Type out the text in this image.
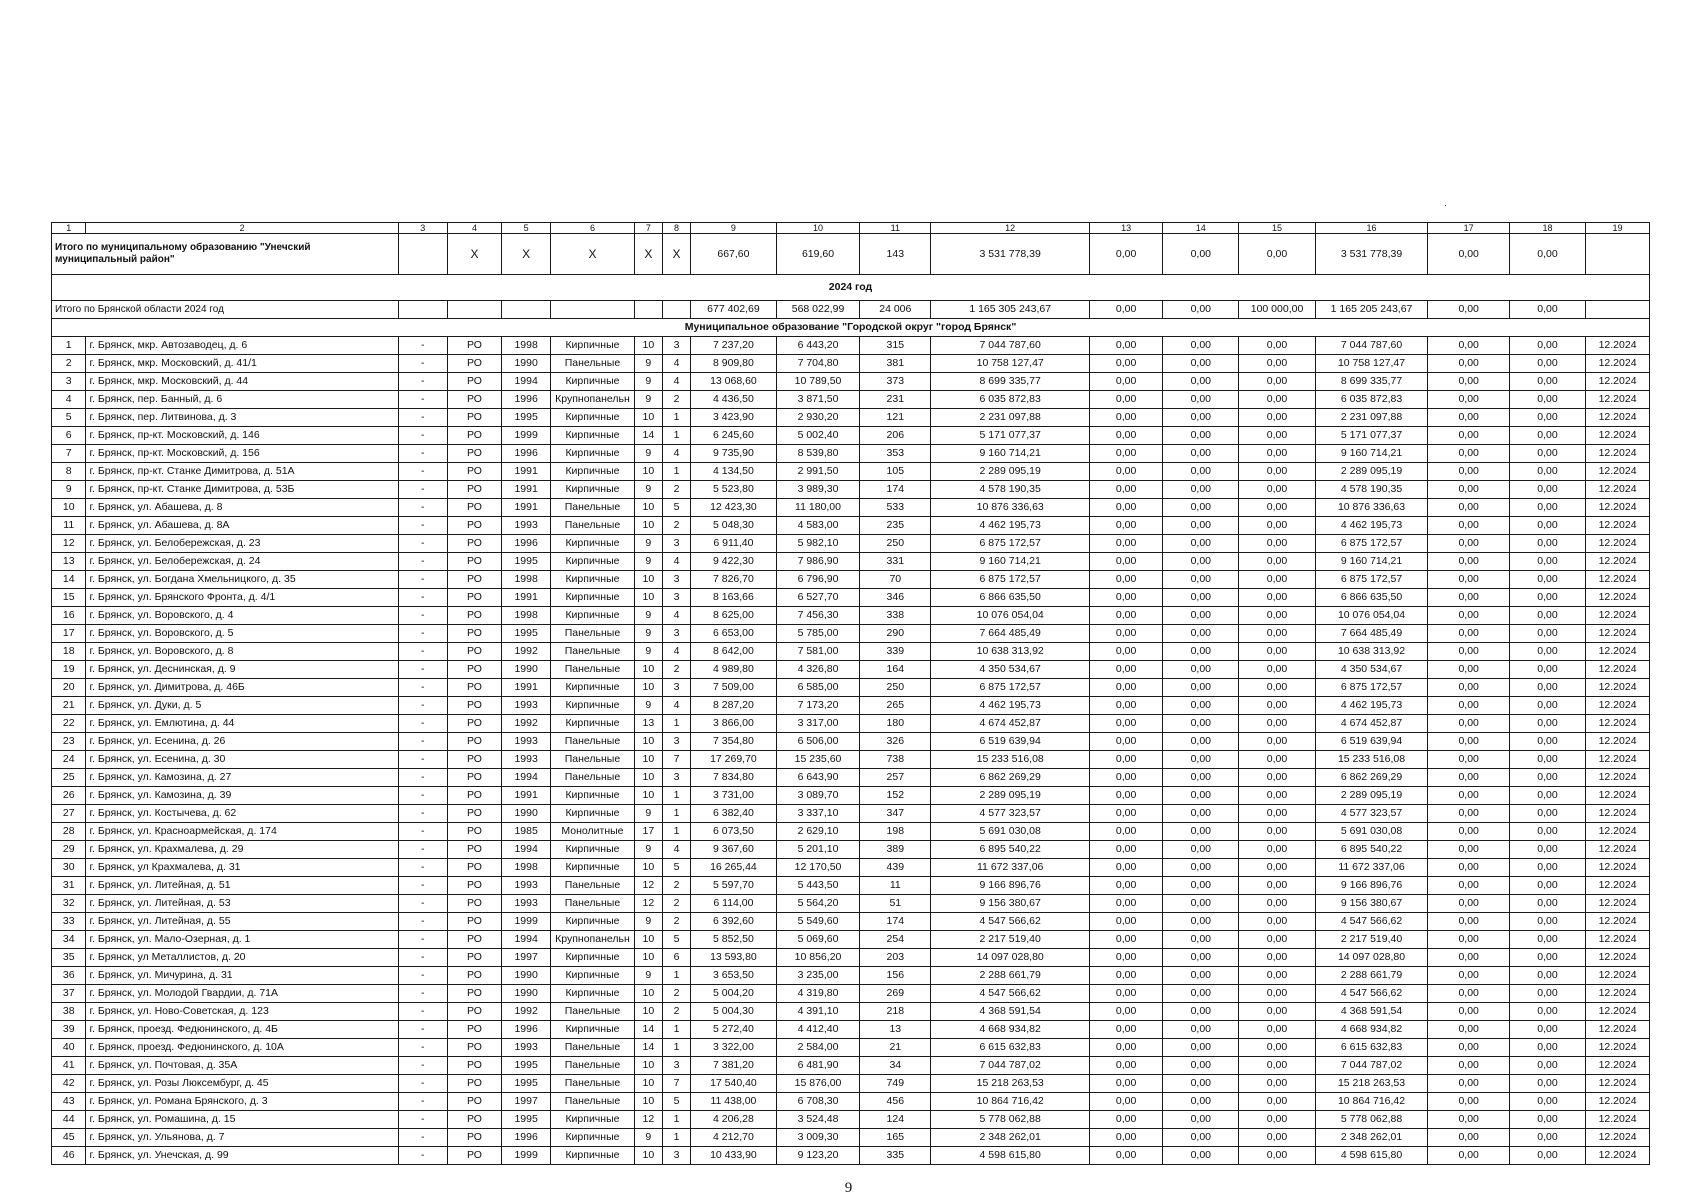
.
1	2	3	4	5	6	7	8	9	10	11	12	13	14	15	16	17	18	19
Итого по муниципальному образованию "Унечский муниципальный район"			X	X	X	X	X	667,60	619,60	143	3 531 778,39	0,00	0,00	0,00	3 531 778,39	0,00	0,00	
2024 год																		
Итого по Брянской области 2024 год								677 402,69	568 022,99	24 006	1 165 305 243,67	0,00	0,00	100 000,00	1 165 205 243,67	0,00	0,00	
Муниципальное образование "Городской округ "город Брянск"																		
1	г. Брянск, мкр. Автозаводец, д. 6	-	РО	1998	Кирпичные	10	3	7 237,20	6 443,20	315	7 044 787,60	0,00	0,00	0,00	7 044 787,60	0,00	0,00	12.2024
2	г. Брянск, мкр. Московский, д. 41/1	-	РО	1990	Панельные	9	4	8 909,80	7 704,80	381	10 758 127,47	0,00	0,00	0,00	10 758 127,47	0,00	0,00	12.2024
3	г. Брянск, мкр. Московский, д. 44	-	РО	1994	Кирпичные	9	4	13 068,60	10 789,50	373	8 699 335,77	0,00	0,00	0,00	8 699 335,77	0,00	0,00	12.2024
4	г. Брянск, пер. Банный, д. 6	-	РО	1996	Крупнопанельн	9	2	4 436,50	3 871,50	231	6 035 872,83	0,00	0,00	0,00	6 035 872,83	0,00	0,00	12.2024
5	г. Брянск, пер. Литвинова, д. 3	-	РО	1995	Кирпичные	10	1	3 423,90	2 930,20	121	2 231 097,88	0,00	0,00	0,00	2 231 097,88	0,00	0,00	12.2024
6	г. Брянск, пр-кт. Московский, д. 146	-	РО	1999	Кирпичные	14	1	6 245,60	5 002,40	206	5 171 077,37	0,00	0,00	0,00	5 171 077,37	0,00	0,00	12.2024
7	г. Брянск, пр-кт. Московский, д. 156	-	РО	1996	Кирпичные	9	4	9 735,90	8 539,80	353	9 160 714,21	0,00	0,00	0,00	9 160 714,21	0,00	0,00	12.2024
8	г. Брянск, пр-кт. Станке Димитрова, д. 51А	-	РО	1991	Кирпичные	10	1	4 134,50	2 991,50	105	2 289 095,19	0,00	0,00	0,00	2 289 095,19	0,00	0,00	12.2024
9	г. Брянск, пр-кт. Станке Димитрова, д. 53Б	-	РО	1991	Кирпичные	9	2	5 523,80	3 989,30	174	4 578 190,35	0,00	0,00	0,00	4 578 190,35	0,00	0,00	12.2024
10	г. Брянск, ул. Абашева, д. 8	-	РО	1991	Панельные	10	5	12 423,30	11 180,00	533	10 876 336,63	0,00	0,00	0,00	10 876 336,63	0,00	0,00	12.2024
11	г. Брянск, ул. Абашева, д. 8А	-	РО	1993	Панельные	10	2	5 048,30	4 583,00	235	4 462 195,73	0,00	0,00	0,00	4 462 195,73	0,00	0,00	12.2024
12	г. Брянск, ул. Белобережская, д. 23	-	РО	1996	Кирпичные	9	3	6 911,40	5 982,10	250	6 875 172,57	0,00	0,00	0,00	6 875 172,57	0,00	0,00	12.2024
13	г. Брянск, ул. Белобережская, д. 24	-	РО	1995	Кирпичные	9	4	9 422,30	7 986,90	331	9 160 714,21	0,00	0,00	0,00	9 160 714,21	0,00	0,00	12.2024
14	г. Брянск, ул. Богдана Хмельницкого, д. 35	-	РО	1998	Кирпичные	10	3	7 826,70	6 796,90	70	6 875 172,57	0,00	0,00	0,00	6 875 172,57	0,00	0,00	12.2024
15	г. Брянск, ул. Брянского Фронта, д. 4/1	-	РО	1991	Кирпичные	10	3	8 163,66	6 527,70	346	6 866 635,50	0,00	0,00	0,00	6 866 635,50	0,00	0,00	12.2024
16	г. Брянск, ул. Воровского, д. 4	-	РО	1998	Кирпичные	9	4	8 625,00	7 456,30	338	10 076 054,04	0,00	0,00	0,00	10 076 054,04	0,00	0,00	12.2024
17	г. Брянск, ул. Воровского, д. 5	-	РО	1995	Панельные	9	3	6 653,00	5 785,00	290	7 664 485,49	0,00	0,00	0,00	7 664 485,49	0,00	0,00	12.2024
18	г. Брянск, ул. Воровского, д. 8	-	РО	1992	Панельные	9	4	8 642,00	7 581,00	339	10 638 313,92	0,00	0,00	0,00	10 638 313,92	0,00	0,00	12.2024
19	г. Брянск, ул. Деснинская, д. 9	-	РО	1990	Панельные	10	2	4 989,80	4 326,80	164	4 350 534,67	0,00	0,00	0,00	4 350 534,67	0,00	0,00	12.2024
20	г. Брянск, ул. Димитрова, д. 46Б	-	РО	1991	Кирпичные	10	3	7 509,00	6 585,00	250	6 875 172,57	0,00	0,00	0,00	6 875 172,57	0,00	0,00	12.2024
21	г. Брянск, ул. Дуки, д. 5	-	РО	1993	Кирпичные	9	4	8 287,20	7 173,20	265	4 462 195,73	0,00	0,00	0,00	4 462 195,73	0,00	0,00	12.2024
22	г. Брянск, ул. Емлютина, д. 44	-	РО	1992	Кирпичные	13	1	3 866,00	3 317,00	180	4 674 452,87	0,00	0,00	0,00	4 674 452,87	0,00	0,00	12.2024
23	г. Брянск, ул. Есенина, д. 26	-	РО	1993	Панельные	10	3	7 354,80	6 506,00	326	6 519 639,94	0,00	0,00	0,00	6 519 639,94	0,00	0,00	12.2024
24	г. Брянск, ул. Есенина, д. 30	-	РО	1993	Панельные	10	7	17 269,70	15 235,60	738	15 233 516,08	0,00	0,00	0,00	15 233 516,08	0,00	0,00	12.2024
25	г. Брянск, ул. Камозина, д. 27	-	РО	1994	Панельные	10	3	7 834,80	6 643,90	257	6 862 269,29	0,00	0,00	0,00	6 862 269,29	0,00	0,00	12.2024
26	г. Брянск, ул. Камозина, д. 39	-	РО	1991	Кирпичные	10	1	3 731,00	3 089,70	152	2 289 095,19	0,00	0,00	0,00	2 289 095,19	0,00	0,00	12.2024
27	г. Брянск, ул. Костычева, д. 62	-	РО	1990	Кирпичные	9	1	6 382,40	3 337,10	347	4 577 323,57	0,00	0,00	0,00	4 577 323,57	0,00	0,00	12.2024
28	г. Брянск, ул. Красноармейская, д. 174	-	РО	1985	Монолитные	17	1	6 073,50	2 629,10	198	5 691 030,08	0,00	0,00	0,00	5 691 030,08	0,00	0,00	12.2024
29	г. Брянск, ул. Крахмалева, д. 29	-	РО	1994	Кирпичные	9	4	9 367,60	5 201,10	389	6 895 540,22	0,00	0,00	0,00	6 895 540,22	0,00	0,00	12.2024
30	г. Брянск, ул Крахмалева, д. 31	-	РО	1998	Кирпичные	10	5	16 265,44	12 170,50	439	11 672 337,06	0,00	0,00	0,00	11 672 337,06	0,00	0,00	12.2024
31	г. Брянск, ул. Литейная, д. 51	-	РО	1993	Панельные	12	2	5 597,70	5 443,50	11	9 166 896,76	0,00	0,00	0,00	9 166 896,76	0,00	0,00	12.2024
32	г. Брянск, ул. Литейная, д. 53	-	РО	1993	Панельные	12	2	6 114,00	5 564,20	51	9 156 380,67	0,00	0,00	0,00	9 156 380,67	0,00	0,00	12.2024
33	г. Брянск, ул. Литейная, д. 55	-	РО	1999	Кирпичные	9	2	6 392,60	5 549,60	174	4 547 566,62	0,00	0,00	0,00	4 547 566,62	0,00	0,00	12.2024
34	г. Брянск, ул. Мало-Озерная, д. 1	-	РО	1994	Крупнопанельн	10	5	5 852,50	5 069,60	254	2 217 519,40	0,00	0,00	0,00	2 217 519,40	0,00	0,00	12.2024
35	г. Брянск, ул Металлистов, д. 20	-	РО	1997	Кирпичные	10	6	13 593,80	10 856,20	203	14 097 028,80	0,00	0,00	0,00	14 097 028,80	0,00	0,00	12.2024
36	г. Брянск, ул. Мичурина, д. 31	-	РО	1990	Кирпичные	9	1	3 653,50	3 235,00	156	2 288 661,79	0,00	0,00	0,00	2 288 661,79	0,00	0,00	12.2024
37	г. Брянск, ул. Молодой Гвардии, д. 71А	-	РО	1990	Кирпичные	10	2	5 004,20	4 319,80	269	4 547 566,62	0,00	0,00	0,00	4 547 566,62	0,00	0,00	12.2024
38	г. Брянск, ул. Ново-Советская, д. 123	-	РО	1992	Панельные	10	2	5 004,30	4 391,10	218	4 368 591,54	0,00	0,00	0,00	4 368 591,54	0,00	0,00	12.2024
39	г. Брянск, проезд. Федюнинского, д. 4Б	-	РО	1996	Кирпичные	14	1	5 272,40	4 412,40	13	4 668 934,82	0,00	0,00	0,00	4 668 934,82	0,00	0,00	12.2024
40	г. Брянск, проезд. Федюнинского, д. 10А	-	РО	1993	Панельные	14	1	3 322,00	2 584,00	21	6 615 632,83	0,00	0,00	0,00	6 615 632,83	0,00	0,00	12.2024
41	г. Брянск, ул. Почтовая, д. 35А	-	РО	1995	Панельные	10	3	7 381,20	6 481,90	34	7 044 787,02	0,00	0,00	0,00	7 044 787,02	0,00	0,00	12.2024
42	г. Брянск, ул. Розы Люксембург, д. 45	-	РО	1995	Панельные	10	7	17 540,40	15 876,00	749	15 218 263,53	0,00	0,00	0,00	15 218 263,53	0,00	0,00	12.2024
43	г. Брянск, ул. Романа Брянского, д. 3	-	РО	1997	Панельные	10	5	11 438,00	6 708,30	456	10 864 716,42	0,00	0,00	0,00	10 864 716,42	0,00	0,00	12.2024
44	г. Брянск, ул. Ромашина, д. 15	-	РО	1995	Кирпичные	12	1	4 206,28	3 524,48	124	5 778 062,88	0,00	0,00	0,00	5 778 062,88	0,00	0,00	12.2024
45	г. Брянск, ул. Ульянова, д. 7	-	РО	1996	Кирпичные	9	1	4 212,70	3 009,30	165	2 348 262,01	0,00	0,00	0,00	2 348 262,01	0,00	0,00	12.2024
46	г. Брянск, ул. Унечская, д. 99	-	РО	1999	Кирпичные	10	3	10 433,90	9 123,20	335	4 598 615,80	0,00	0,00	0,00	4 598 615,80	0,00	0,00	12.2024
9
